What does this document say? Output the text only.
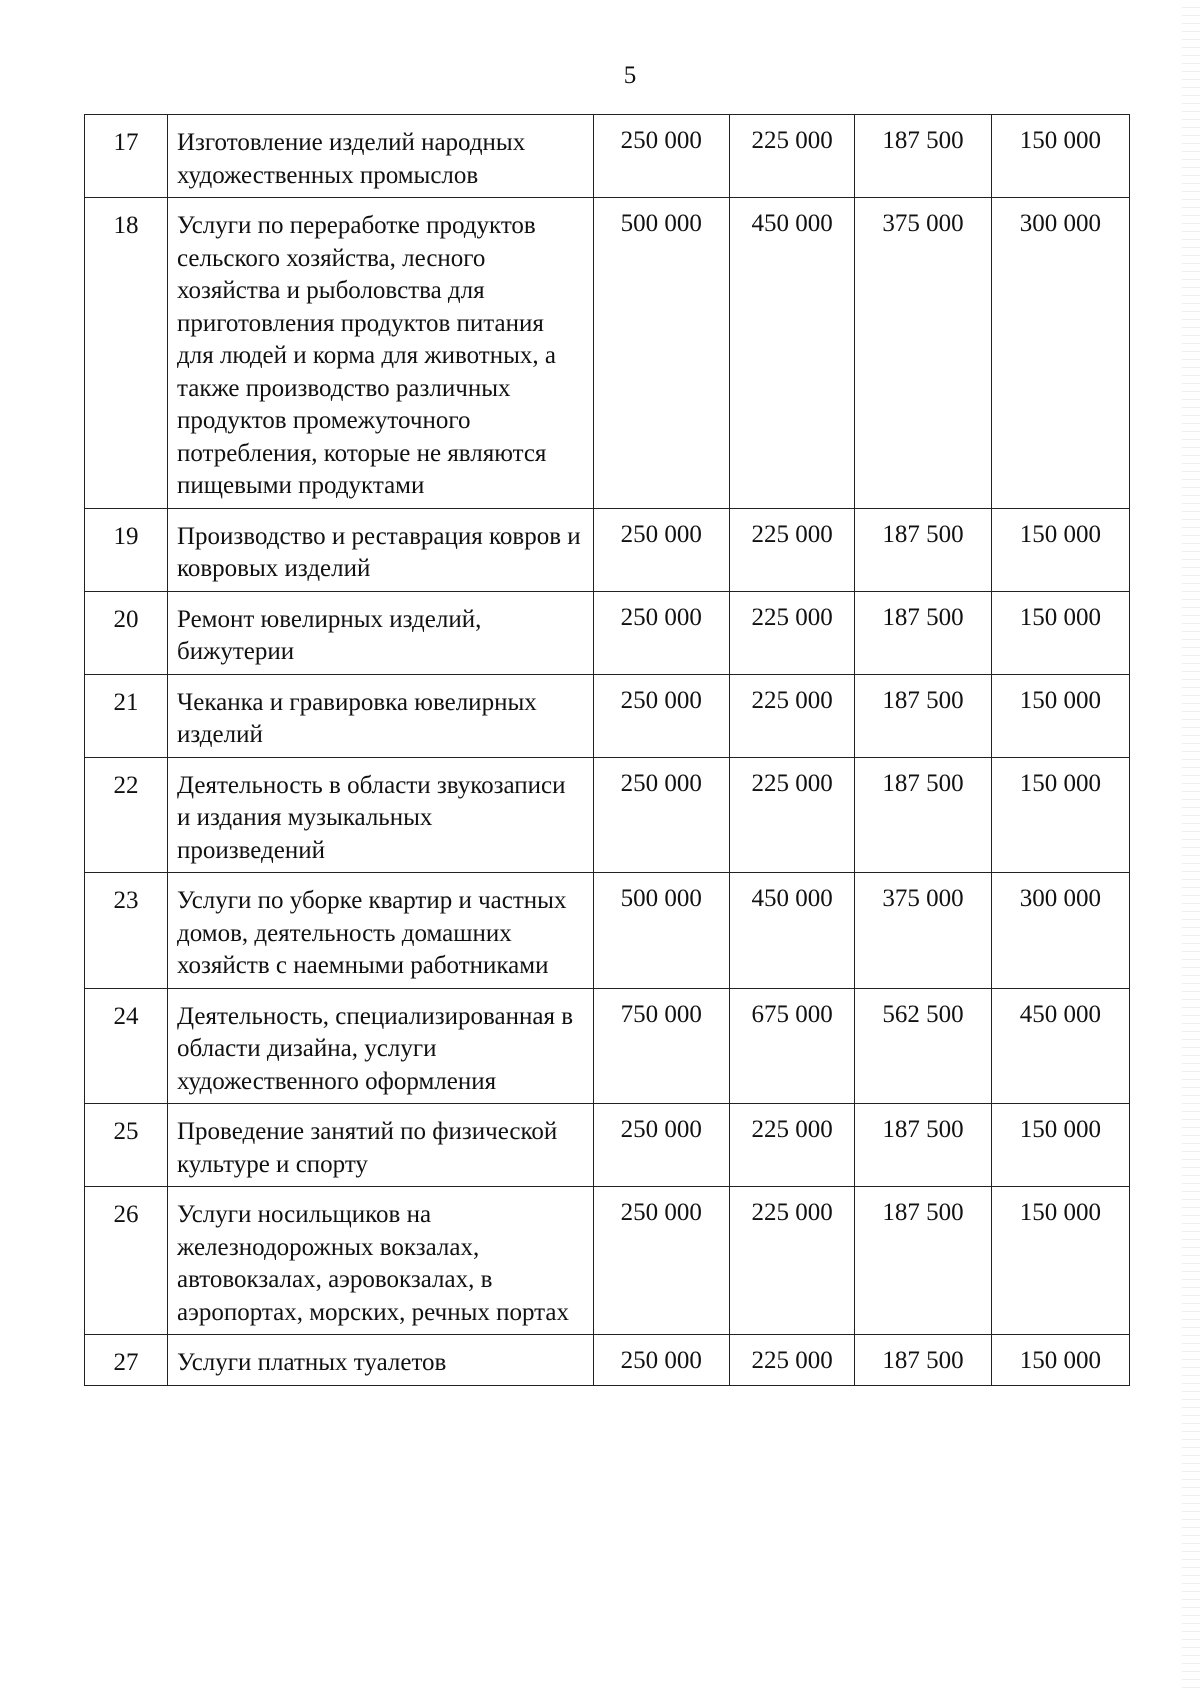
5
17	Изготовление изделий народных художественных промыслов	250 000	225 000	187 500	150 000
18	Услуги по переработке продуктов сельского хозяйства, лесного хозяйства и рыболовства для приготовления продуктов питания для людей и корма для животных, а также производство различных продуктов промежуточного потребления, которые не являются пищевыми продуктами	500 000	450 000	375 000	300 000
19	Производство и реставрация ковров и ковровых изделий	250 000	225 000	187 500	150 000
20	Ремонт ювелирных изделий, бижутерии	250 000	225 000	187 500	150 000
21	Чеканка и гравировка ювелирных изделий	250 000	225 000	187 500	150 000
22	Деятельность в области звукозаписи и издания музыкальных произведений	250 000	225 000	187 500	150 000
23	Услуги по уборке квартир и частных домов, деятельность домашних хозяйств с наемными работниками	500 000	450 000	375 000	300 000
24	Деятельность, специализированная в области дизайна, услуги художественного оформления	750 000	675 000	562 500	450 000
25	Проведение занятий по физической культуре и спорту	250 000	225 000	187 500	150 000
26	Услуги носильщиков на железнодорожных вокзалах, автовокзалах, аэровокзалах, в аэропортах, морских, речных портах	250 000	225 000	187 500	150 000
27	Услуги платных туалетов	250 000	225 000	187 500	150 000
